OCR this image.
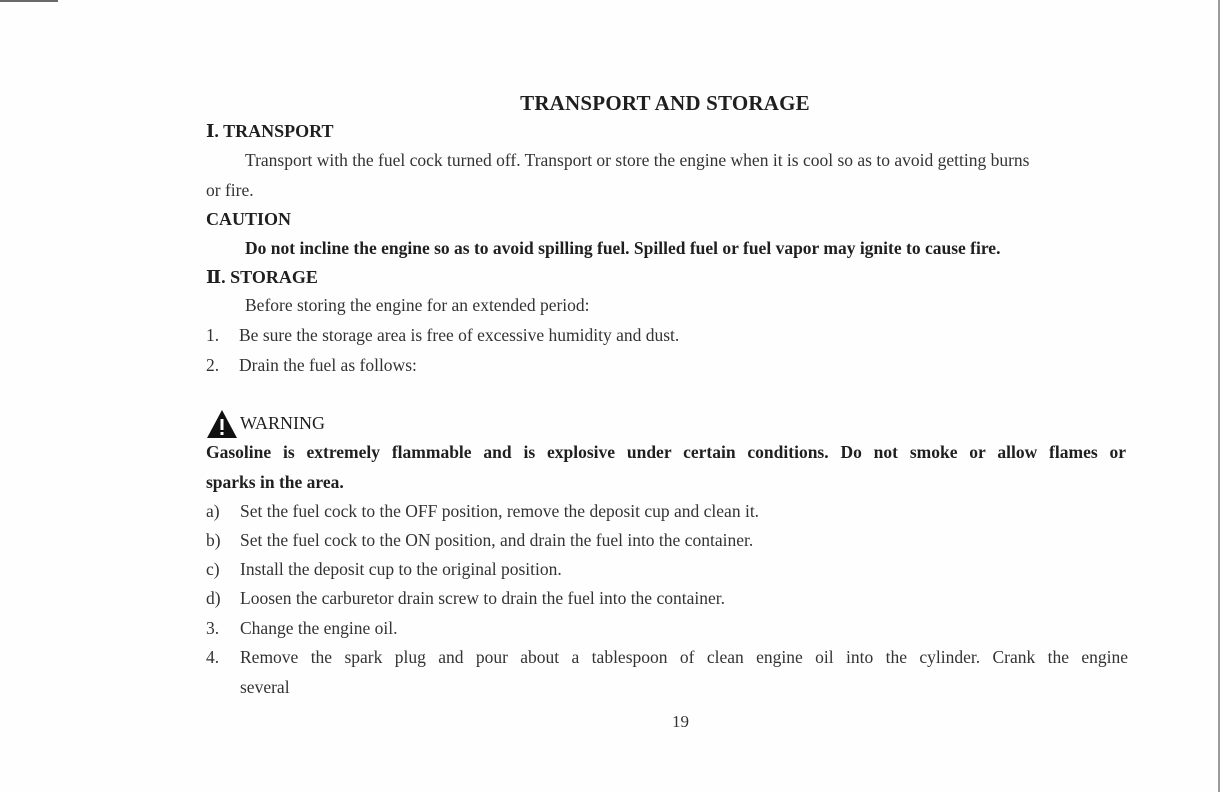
TRANSPORT AND STORAGE
Ⅰ. TRANSPORT
Transport with the fuel cock turned off. Transport or store the engine when it is cool so as to avoid getting burns
or fire.
CAUTION
Do not incline the engine so as to avoid spilling fuel. Spilled fuel or fuel vapor may ignite to cause fire.
Ⅱ. STORAGE
Before storing the engine for an extended period:
1. Be sure the storage area is free of excessive humidity and dust.
2. Drain the fuel as follows:
WARNING
Gasoline is extremely flammable and is explosive under certain conditions. Do not smoke or allow flames or
sparks in the area.
a) Set the fuel cock to the OFF position, remove the deposit cup and clean it.
b) Set the fuel cock to the ON position, and drain the fuel into the container.
c) Install the deposit cup to the original position.
d) Loosen the carburetor drain screw to drain the fuel into the container.
3. Change the engine oil.
4. Remove the spark plug and pour about a tablespoon of clean engine oil into the cylinder. Crank the engine
several
19
